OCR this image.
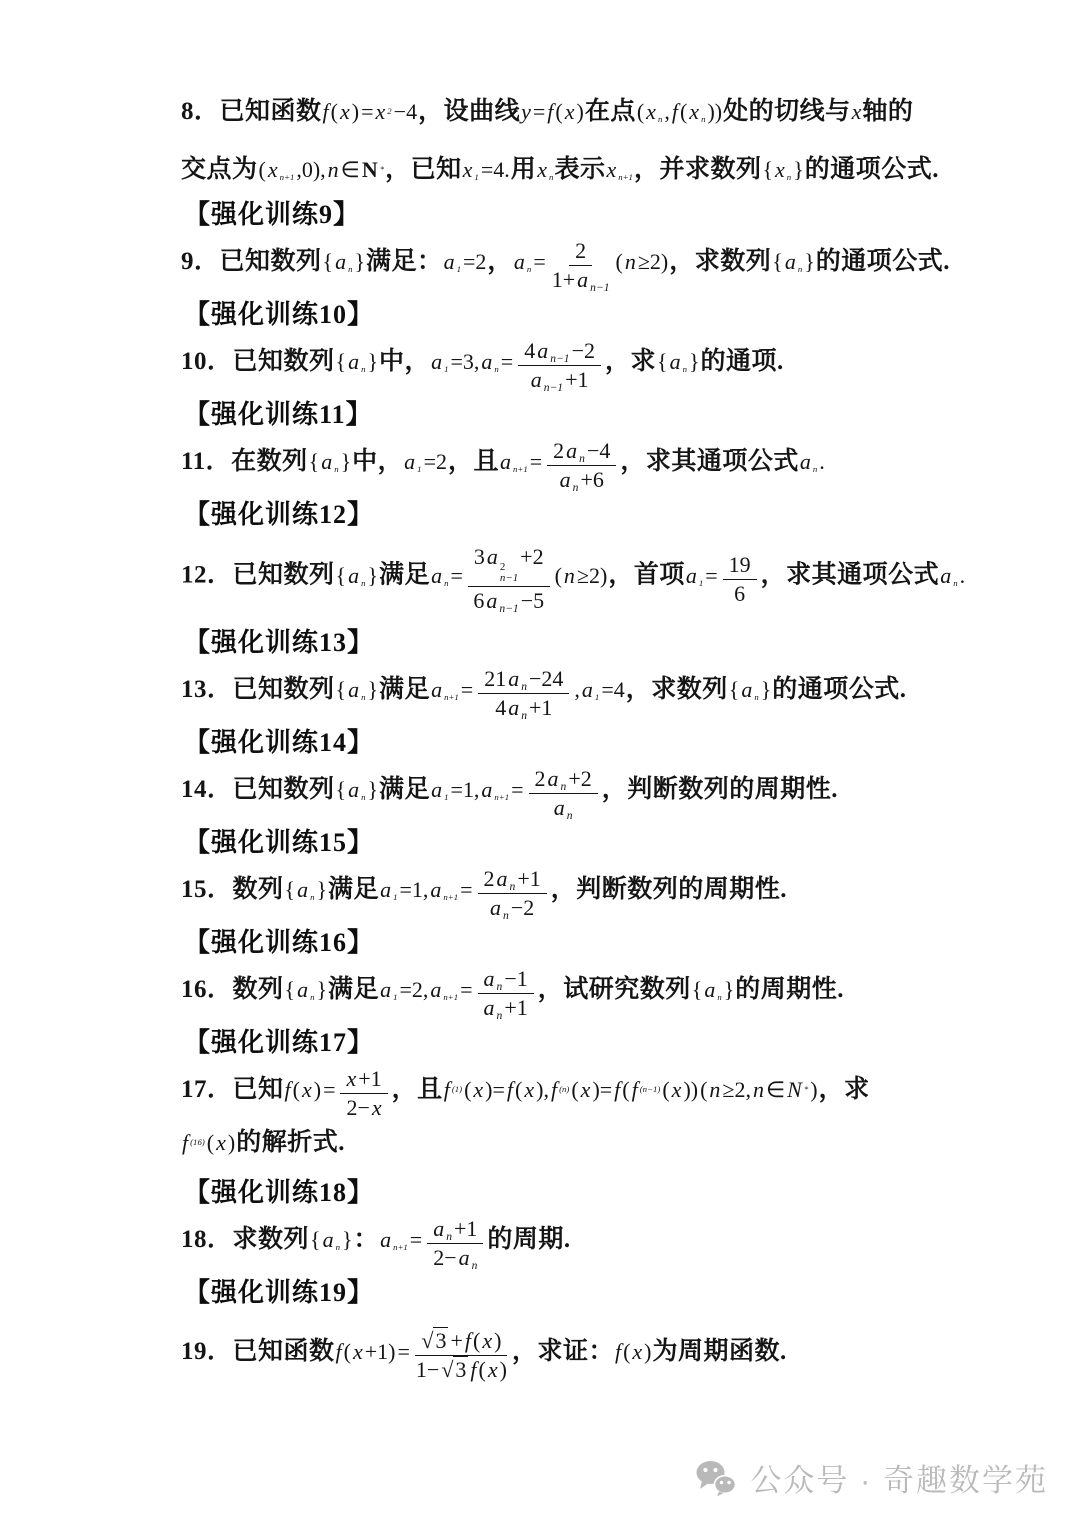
8．已知函数f(x)=x $^2$−4，设曲线y=f(x)在点(x $_n$,f(x $_n$))处的切线与x轴的
交点为(x $_{n+1}$,0),n∈N *，已知x $_1$=4.用x $_n$表示x $_{n+1}$，并求数列{x $_n$}的通项公式.
【强化训练9】
9．已知数列{a $_n$}满足：a $_1$=2，a $_n= \frac{2}{1+a _{n-1}} (n\ge 2)$，求数列{a $_n$}的通项公式.
【强化训练10】
10．已知数列{a $_n$}中，a $_1$=3,a $_n= \frac{4a _{n-1}-2}{a _{n-1}+1}$ ，求{a $_n$}的通项.
【强化训练11】
11．在数列{a $_n$}中，a $_1$=2，且a $_{n+1}= \frac{2a _n-4}{a _n+6}$ ，求其通项公式a $_n$.
【强化训练12】
12．已知数列{a $_n$}满足a $_n$= 3a 2
n−1
+2
6a $_{n-1}$−5 (n≥2)，首项a $_1= \frac{19}{6}$ ，求其通项公式a $_n$.
【强化训练13】
13．已知数列{a $_n$}满足a $_{n+1}= \frac{21a _n-24}{4a _n+1} ,a$ $_1$=4，求数列{a $_n$}的通项公式.
【强化训练14】
14．已知数列{a $_n$}满足a $_1$=1,a $_{n+1}= \frac{2a _n+2}{a _n}$ ，判断数列的周期性.
【强化训练15】
15．数列{a $_n$}满足a $_1$=1,a $_{n+1}= \frac{2a _n+1}{a _n-2}$ ，判断数列的周期性.
【强化训练16】
16．数列{a $_n$}满足a $_1$=2,a $_{n+1}= \frac{a _n-1}{a _n+1}$ ，试研究数列{a $_n$}的周期性.
【强化训练17】
17．已知$f(x)= \frac{x+1}{2-x}$ ，且f $^{(1)}$(x)=f(x),f $^{(n)}$(x)=f(f $^{(n-1)}$(x))(n≥2,n∈N *)，求
f $^{(16)}$(x)的解折式.
【强化训练18】
18．求数列{a $_n$}：a $_{n+1}= \frac{a _n+1}{2-a _n}$ 的周期.
【强化训练19】
19．已知函数$f(x+1)= \frac{√3 +f(x)}{1-√3 f(x)}$ ，求证：f(x)为周期函数.
公众号 · 奇趣数学苑
